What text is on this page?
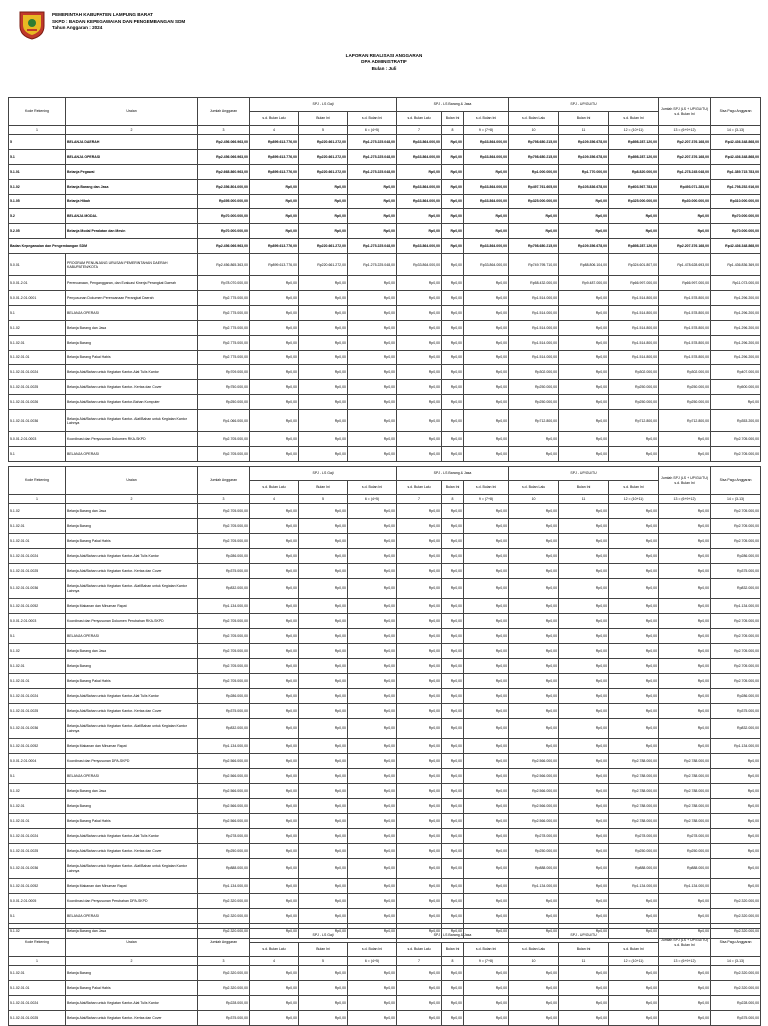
PEMERINTAH KABUPATEN LAMPUNG BARAT
SKPD : BADAN KEPEGAWAIAN DAN PENGEMBANGAN SDM
Tahun Anggaran : 2024
LAPORAN REALISASI ANGGARAN
DPA ADMINISTRATIF
Bulan : Juli
Kode Rekening	Uraian	Jumlah Anggaran	SPJ - LS Gaji			SPJ - LS Barang & Jasa			SPJ - UP/GU/TU			Jumlah SPJ (LS + UP/GU/TU) s.d. Bulan Ini	Sisa Pagu Anggaran
			s.d. Bulan Lalu	Bulan Ini	s.d. Bulan Ini	s.d. Bulan Lalu	Bulan Ini	s.d. Bulan Ini	s.d. Bulan Lalu	Bulan Ini	s.d. Bulan Ini		
1	2	3	4	5	6 = (4+5)	7	8	9 = (7+8)	10	11	12 = (10+11)	13 = (6+9+12)	14 = (3-13)
5	BELANJA DAERAH	Rp2.456.066.963,00	Rp899.613.776,00	Rp220.661.272,00	Rp1.275.225.048,00	Rp33.864.000,00	Rp0,00	Rp33.864.000,00	Rp798.680.215,00	Rp109.356.678,00	Rp898.287.120,00	Rp2.207.376.168,00	Rp42.436.348.868,00
5.1	BELANJA OPERASI	Rp2.456.066.963,00	Rp899.613.776,00	Rp220.661.272,00	Rp1.275.225.048,00	Rp33.864.000,00	Rp0,00	Rp33.864.000,00	Rp798.680.215,00	Rp109.356.678,00	Rp898.287.120,00	Rp2.207.376.168,00	Rp42.436.348.868,00
5.1.01	Belanja Pegawai	Rp2.668.860.963,00	Rp899.613.776,00	Rp220.661.272,00	Rp1.275.225.048,00	Rp0,00	Rp0,00	Rp0,00	Rp1.000.000,00	Rp1.770.000,00	Rp8.820.000,00	Rp1.278.245.048,00	Rp1.389.715.783,00
5.1.02	Belanja Barang dan Jasa	Rp2.356.804.000,00	Rp0,00	Rp0,00	Rp0,00	Rp33.864.000,00	Rp0,00	Rp33.864.000,00	Rp497.761.605,00	Rp105.836.678,00	Rp603.567.783,00	Rp493.071.283,00	Rp1.798.252.916,00
5.1.05	Belanja Hibah	Rp395.000.000,00	Rp0,00	Rp0,00	Rp0,00	Rp33.864.000,00	Rp0,00	Rp33.864.000,00	Rp325.000.000,00	Rp0,00	Rp325.000.000,00	Rp30.000.000,00	Rp310.000.000,00
5.2	BELANJA MODAL	Rp70.000.000,00	Rp0,00	Rp0,00	Rp0,00	Rp0,00	Rp0,00	Rp0,00	Rp0,00	Rp0,00	Rp0,00	Rp0,00	Rp70.000.000,00
5.2.05	Belanja Modal Peralatan dan Mesin	Rp70.000.000,00	Rp0,00	Rp0,00	Rp0,00	Rp0,00	Rp0,00	Rp0,00	Rp0,00	Rp0,00	Rp0,00	Rp0,00	Rp70.000.000,00
Badan Kepegawaian dan Pengembangan SDM		Rp2.456.066.963,00	Rp899.613.776,00	Rp220.661.272,00	Rp1.275.225.048,00	Rp33.864.000,00	Rp0,00	Rp33.864.000,00	Rp798.680.215,00	Rp109.356.678,00	Rp898.287.120,00	Rp2.207.376.168,00	Rp42.436.348.868,00
5.0.01	PROGRAM PENUNJANG URUSAN PEMERINTAHAN DAERAH KABUPATEN/KOTA	Rp2.456.865.363,00	Rp899.613.776,00	Rp220.661.272,00	Rp1.275.225.048,00	Rp33.864.000,00	Rp0,00	Rp33.864.000,00	Rp749.795.710,00	Rp88.806.104,00	Rp324.601.807,00	Rp1.478.628.693,00	Rp1.436.836.369,00
5.0.01.2.01	Perencanaan, Penganggaran, dan Evaluasi Kinerja Perangkat Daerah	Rp78.070.000,00	Rp0,00	Rp0,00	Rp0,00	Rp0,00	Rp0,00	Rp0,00	Rp58.432.000,00	Rp9.487.000,00	Rp66.997.000,00	Rp66.997.000,00	Rp11.073.000,00
5.0.01.2.01.0001	Penyusunan Dokumen Perencanaan Perangkat Daerah	Rp2.775.000,00	Rp0,00	Rp0,00	Rp0,00	Rp0,00	Rp0,00	Rp0,00	Rp1.514.000,00	Rp0,00	Rp1.514.800,00	Rp1.578.800,00	Rp1.296.200,00
5.1	BELANJA OPERASI	Rp2.775.000,00	Rp0,00	Rp0,00	Rp0,00	Rp0,00	Rp0,00	Rp0,00	Rp1.514.000,00	Rp0,00	Rp1.514.800,00	Rp1.578.800,00	Rp1.296.200,00
5.1.02	Belanja Barang dan Jasa	Rp2.775.000,00	Rp0,00	Rp0,00	Rp0,00	Rp0,00	Rp0,00	Rp0,00	Rp1.514.000,00	Rp0,00	Rp1.514.800,00	Rp1.578.800,00	Rp1.296.200,00
5.1.02.01	Belanja Barang	Rp2.775.000,00	Rp0,00	Rp0,00	Rp0,00	Rp0,00	Rp0,00	Rp0,00	Rp1.514.000,00	Rp0,00	Rp1.514.800,00	Rp1.578.800,00	Rp1.296.200,00
5.1.02.01.01	Belanja Barang Pakai Habis	Rp2.775.000,00	Rp0,00	Rp0,00	Rp0,00	Rp0,00	Rp0,00	Rp0,00	Rp1.514.000,00	Rp0,00	Rp1.514.800,00	Rp1.578.800,00	Rp1.296.200,00
5.1.02.01.01.0024	Belanja Alat/Bahan untuk Kegiatan Kantor-Alat Tulis Kantor	Rp709.000,00	Rp0,00	Rp0,00	Rp0,00	Rp0,00	Rp0,00	Rp0,00	Rp302.000,00	Rp0,00	Rp302.000,00	Rp302.000,00	Rp407.000,00
5.1.02.01.01.0025	Belanja Alat/Bahan untuk Kegiatan Kantor- Kertas dan Cover	Rp750.000,00	Rp0,00	Rp0,00	Rp0,00	Rp0,00	Rp0,00	Rp0,00	Rp250.000,00	Rp0,00	Rp250.000,00	Rp250.000,00	Rp500.000,00
5.1.02.01.01.0026	Belanja Alat/Bahan untuk Kegiatan Kantor-Bahan Komputer	Rp250.000,00	Rp0,00	Rp0,00	Rp0,00	Rp0,00	Rp0,00	Rp0,00	Rp250.000,00	Rp0,00	Rp250.000,00	Rp250.000,00	Rp0,00
5.1.02.01.01.0036	Belanja Alat/Bahan untuk Kegiatan Kantor- Alat/Bahan untuk Kegiatan Kantor Lainnya	Rp1.066.000,00	Rp0,00	Rp0,00	Rp0,00	Rp0,00	Rp0,00	Rp0,00	Rp712.800,00	Rp0,00	Rp712.800,00	Rp712.800,00	Rp353.200,00
5.0.01.2.01.0003	Koordinasi dan Penyusunan Dokumen RKA-SKPD	Rp2.705.000,00	Rp0,00	Rp0,00	Rp0,00	Rp0,00	Rp0,00	Rp0,00	Rp0,00	Rp0,00	Rp0,00	Rp0,00	Rp2.705.000,00
5.1	BELANJA OPERASI	Rp2.705.000,00	Rp0,00	Rp0,00	Rp0,00	Rp0,00	Rp0,00	Rp0,00	Rp0,00	Rp0,00	Rp0,00	Rp0,00	Rp2.705.000,00
Kode Rekening	Uraian	Jumlah Anggaran	SPJ - LS Gaji			SPJ - LS Barang & Jasa			SPJ - UP/GU/TU			Jumlah SPJ (LS + UP/GU/TU) s.d. Bulan Ini	Sisa Pagu Anggaran
			s.d. Bulan Lalu	Bulan Ini	s.d. Bulan Ini	s.d. Bulan Lalu	Bulan Ini	s.d. Bulan Ini	s.d. Bulan Lalu	Bulan Ini	s.d. Bulan Ini		
1	2	3	4	5	6 = (4+5)	7	8	9 = (7+8)	10	11	12 = (10+11)	13 = (6+9+12)	14 = (3-13)
5.1.02	Belanja Barang dan Jasa	Rp2.705.000,00	Rp0,00	Rp0,00	Rp0,00	Rp0,00	Rp0,00	Rp0,00	Rp0,00	Rp0,00	Rp0,00	Rp0,00	Rp2.705.000,00
5.1.02.01	Belanja Barang	Rp2.705.000,00	Rp0,00	Rp0,00	Rp0,00	Rp0,00	Rp0,00	Rp0,00	Rp0,00	Rp0,00	Rp0,00	Rp0,00	Rp2.705.000,00
5.1.02.01.01	Belanja Barang Pakai Habis	Rp2.705.000,00	Rp0,00	Rp0,00	Rp0,00	Rp0,00	Rp0,00	Rp0,00	Rp0,00	Rp0,00	Rp0,00	Rp0,00	Rp2.705.000,00
5.1.02.01.01.0024	Belanja Alat/Bahan untuk Kegiatan Kantor-Alat Tulis Kantor	Rp286.000,00	Rp0,00	Rp0,00	Rp0,00	Rp0,00	Rp0,00	Rp0,00	Rp0,00	Rp0,00	Rp0,00	Rp0,00	Rp286.000,00
5.1.02.01.01.0025	Belanja Alat/Bahan untuk Kegiatan Kantor- Kertas dan Cover	Rp375.000,00	Rp0,00	Rp0,00	Rp0,00	Rp0,00	Rp0,00	Rp0,00	Rp0,00	Rp0,00	Rp0,00	Rp0,00	Rp375.000,00
5.1.02.01.01.0036	Belanja Alat/Bahan untuk Kegiatan Kantor- Alat/Bahan untuk Kegiatan Kantor Lainnya	Rp832.000,00	Rp0,00	Rp0,00	Rp0,00	Rp0,00	Rp0,00	Rp0,00	Rp0,00	Rp0,00	Rp0,00	Rp0,00	Rp832.000,00
5.1.02.01.01.0052	Belanja Makanan dan Minuman Rapat	Rp1.134.000,00	Rp0,00	Rp0,00	Rp0,00	Rp0,00	Rp0,00	Rp0,00	Rp0,00	Rp0,00	Rp0,00	Rp0,00	Rp1.134.000,00
5.0.01.2.01.0003	Koordinasi dan Penyusunan Dokumen Perubahan RKA-SKPD	Rp2.705.000,00	Rp0,00	Rp0,00	Rp0,00	Rp0,00	Rp0,00	Rp0,00	Rp0,00	Rp0,00	Rp0,00	Rp0,00	Rp2.705.000,00
5.1	BELANJA OPERASI	Rp2.705.000,00	Rp0,00	Rp0,00	Rp0,00	Rp0,00	Rp0,00	Rp0,00	Rp0,00	Rp0,00	Rp0,00	Rp0,00	Rp2.705.000,00
5.1.02	Belanja Barang dan Jasa	Rp2.705.000,00	Rp0,00	Rp0,00	Rp0,00	Rp0,00	Rp0,00	Rp0,00	Rp0,00	Rp0,00	Rp0,00	Rp0,00	Rp2.705.000,00
5.1.02.01	Belanja Barang	Rp2.705.000,00	Rp0,00	Rp0,00	Rp0,00	Rp0,00	Rp0,00	Rp0,00	Rp0,00	Rp0,00	Rp0,00	Rp0,00	Rp2.705.000,00
5.1.02.01.01	Belanja Barang Pakai Habis	Rp2.705.000,00	Rp0,00	Rp0,00	Rp0,00	Rp0,00	Rp0,00	Rp0,00	Rp0,00	Rp0,00	Rp0,00	Rp0,00	Rp2.705.000,00
5.1.02.01.01.0024	Belanja Alat/Bahan untuk Kegiatan Kantor-Alat Tulis Kantor	Rp286.000,00	Rp0,00	Rp0,00	Rp0,00	Rp0,00	Rp0,00	Rp0,00	Rp0,00	Rp0,00	Rp0,00	Rp0,00	Rp286.000,00
5.1.02.01.01.0025	Belanja Alat/Bahan untuk Kegiatan Kantor- Kertas dan Cover	Rp375.000,00	Rp0,00	Rp0,00	Rp0,00	Rp0,00	Rp0,00	Rp0,00	Rp0,00	Rp0,00	Rp0,00	Rp0,00	Rp375.000,00
5.1.02.01.01.0036	Belanja Alat/Bahan untuk Kegiatan Kantor- Alat/Bahan untuk Kegiatan Kantor Lainnya	Rp832.000,00	Rp0,00	Rp0,00	Rp0,00	Rp0,00	Rp0,00	Rp0,00	Rp0,00	Rp0,00	Rp0,00	Rp0,00	Rp832.000,00
5.1.02.01.01.0052	Belanja Makanan dan Minuman Rapat	Rp1.134.000,00	Rp0,00	Rp0,00	Rp0,00	Rp0,00	Rp0,00	Rp0,00	Rp0,00	Rp0,00	Rp0,00	Rp0,00	Rp1.134.000,00
5.0.01.2.01.0004	Koordinasi dan Penyusunan DPA-SKPD	Rp2.566.000,00	Rp0,00	Rp0,00	Rp0,00	Rp0,00	Rp0,00	Rp0,00	Rp2.566.000,00	Rp0,00	Rp2.788.000,00	Rp2.788.000,00	Rp0,00
5.1	BELANJA OPERASI	Rp2.566.000,00	Rp0,00	Rp0,00	Rp0,00	Rp0,00	Rp0,00	Rp0,00	Rp2.566.000,00	Rp0,00	Rp2.788.000,00	Rp2.788.000,00	Rp0,00
5.1.02	Belanja Barang dan Jasa	Rp2.566.000,00	Rp0,00	Rp0,00	Rp0,00	Rp0,00	Rp0,00	Rp0,00	Rp2.566.000,00	Rp0,00	Rp2.788.000,00	Rp2.788.000,00	Rp0,00
5.1.02.01	Belanja Barang	Rp2.566.000,00	Rp0,00	Rp0,00	Rp0,00	Rp0,00	Rp0,00	Rp0,00	Rp2.566.000,00	Rp0,00	Rp2.788.000,00	Rp2.788.000,00	Rp0,00
5.1.02.01.01	Belanja Barang Pakai Habis	Rp2.566.000,00	Rp0,00	Rp0,00	Rp0,00	Rp0,00	Rp0,00	Rp0,00	Rp2.566.000,00	Rp0,00	Rp2.788.000,00	Rp2.788.000,00	Rp0,00
5.1.02.01.01.0024	Belanja Alat/Bahan untuk Kegiatan Kantor-Alat Tulis Kantor	Rp278.000,00	Rp0,00	Rp0,00	Rp0,00	Rp0,00	Rp0,00	Rp0,00	Rp278.000,00	Rp0,00	Rp278.000,00	Rp278.000,00	Rp0,00
5.1.02.01.01.0025	Belanja Alat/Bahan untuk Kegiatan Kantor- Kertas dan Cover	Rp250.000,00	Rp0,00	Rp0,00	Rp0,00	Rp0,00	Rp0,00	Rp0,00	Rp250.000,00	Rp0,00	Rp250.000,00	Rp250.000,00	Rp0,00
5.1.02.01.01.0036	Belanja Alat/Bahan untuk Kegiatan Kantor- Alat/Bahan untuk Kegiatan Kantor Lainnya	Rp888.000,00	Rp0,00	Rp0,00	Rp0,00	Rp0,00	Rp0,00	Rp0,00	Rp888.000,00	Rp0,00	Rp888.000,00	Rp888.000,00	Rp0,00
5.1.02.01.01.0052	Belanja Makanan dan Minuman Rapat	Rp1.134.000,00	Rp0,00	Rp0,00	Rp0,00	Rp0,00	Rp0,00	Rp0,00	Rp1.134.000,00	Rp0,00	Rp1.134.000,00	Rp1.134.000,00	Rp0,00
5.0.01.2.01.0005	Koordinasi dan Penyusunan Perubahan DPA-SKPD	Rp2.320.000,00	Rp0,00	Rp0,00	Rp0,00	Rp0,00	Rp0,00	Rp0,00	Rp0,00	Rp0,00	Rp0,00	Rp0,00	Rp2.320.000,00
5.1	BELANJA OPERASI	Rp2.320.000,00	Rp0,00	Rp0,00	Rp0,00	Rp0,00	Rp0,00	Rp0,00	Rp0,00	Rp0,00	Rp0,00	Rp0,00	Rp2.320.000,00
5.1.02	Belanja Barang dan Jasa	Rp2.320.000,00	Rp0,00	Rp0,00	Rp0,00	Rp0,00	Rp0,00	Rp0,00	Rp0,00	Rp0,00	Rp0,00	Rp0,00	Rp2.320.000,00
Kode Rekening	Uraian	Jumlah Anggaran	SPJ - LS Gaji			SPJ - LS Barang & Jasa			SPJ - UP/GU/TU			Jumlah SPJ (LS + UP/GU/TU) s.d. Bulan Ini	Sisa Pagu Anggaran
			s.d. Bulan Lalu	Bulan Ini	s.d. Bulan Ini	s.d. Bulan Lalu	Bulan Ini	s.d. Bulan Ini	s.d. Bulan Lalu	Bulan Ini	s.d. Bulan Ini		
1	2	3	4	5	6 = (4+5)	7	8	9 = (7+8)	10	11	12 = (10+11)	13 = (6+9+12)	14 = (3-13)
5.1.02.01	Belanja Barang	Rp2.320.000,00	Rp0,00	Rp0,00	Rp0,00	Rp0,00	Rp0,00	Rp0,00	Rp0,00	Rp0,00	Rp0,00	Rp0,00	Rp2.320.000,00
5.1.02.01.01	Belanja Barang Pakai Habis	Rp2.320.000,00	Rp0,00	Rp0,00	Rp0,00	Rp0,00	Rp0,00	Rp0,00	Rp0,00	Rp0,00	Rp0,00	Rp0,00	Rp2.320.000,00
5.1.02.01.01.0024	Belanja Alat/Bahan untuk Kegiatan Kantor-Alat Tulis Kantor	Rp228.000,00	Rp0,00	Rp0,00	Rp0,00	Rp0,00	Rp0,00	Rp0,00	Rp0,00	Rp0,00	Rp0,00	Rp0,00	Rp228.000,00
5.1.02.01.01.0025	Belanja Alat/Bahan untuk Kegiatan Kantor- Kertas dan Cover	Rp375.000,00	Rp0,00	Rp0,00	Rp0,00	Rp0,00	Rp0,00	Rp0,00	Rp0,00	Rp0,00	Rp0,00	Rp0,00	Rp375.000,00
